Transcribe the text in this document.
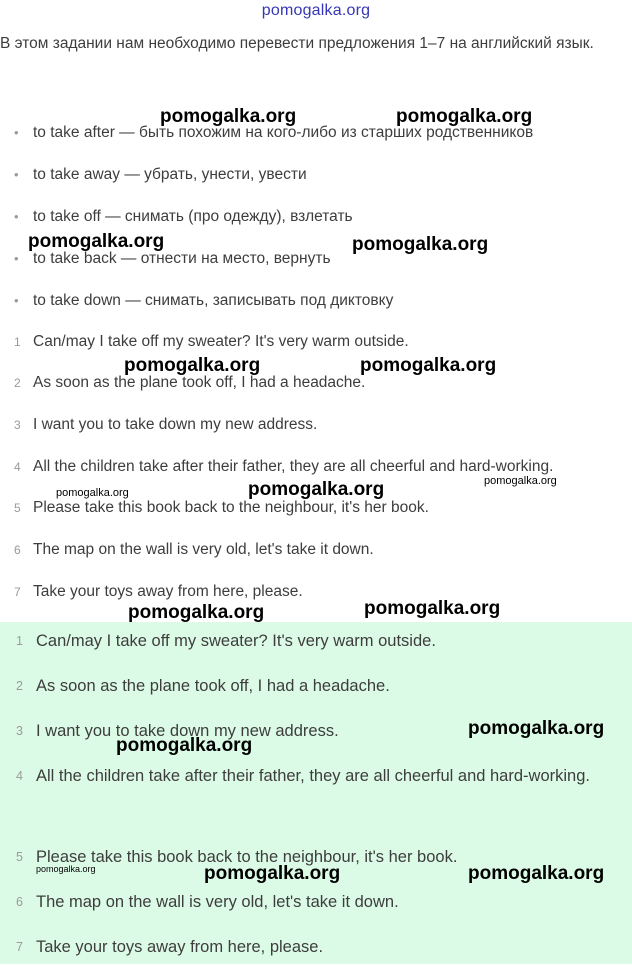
pomogalka.org
В этом задании нам необходимо перевести предложения 1–7 на английский язык.
• to take after — быть похожим на кого-либо из старших родственников
• to take away — убрать, унести, увести
• to take off — снимать (про одежду), взлетать
• to take back — отнести на место, вернуть
• to take down — снимать, записывать под диктовку
1 Can/may I take off my sweater? It's very warm outside.
2 As soon as the plane took off, I had a headache.
3 I want you to take down my new address.
4 All the children take after their father, they are all cheerful and hard-working.
5 Please take this book back to the neighbour, it's her book.
6 The map on the wall is very old, let's take it down.
7 Take your toys away from here, please.
1 Can/may I take off my sweater? It's very warm outside.
2 As soon as the plane took off, I had a headache.
3 I want you to take down my new address.
4 All the children take after their father, they are all cheerful and hard-working.
5 Please take this book back to the neighbour, it's her book.
6 The map on the wall is very old, let's take it down.
7 Take your toys away from here, please.
pomogalka.org	pomogalka.org
pomogalka.org	pomogalka.org
pomogalka.org	pomogalka.org
pomogalka.org
pomogalka.org
pomogalka.org
pomogalka.org	pomogalka.org
pomogalka.org
pomogalka.org
pomogalka.org	pomogalka.org	pomogalka.org
